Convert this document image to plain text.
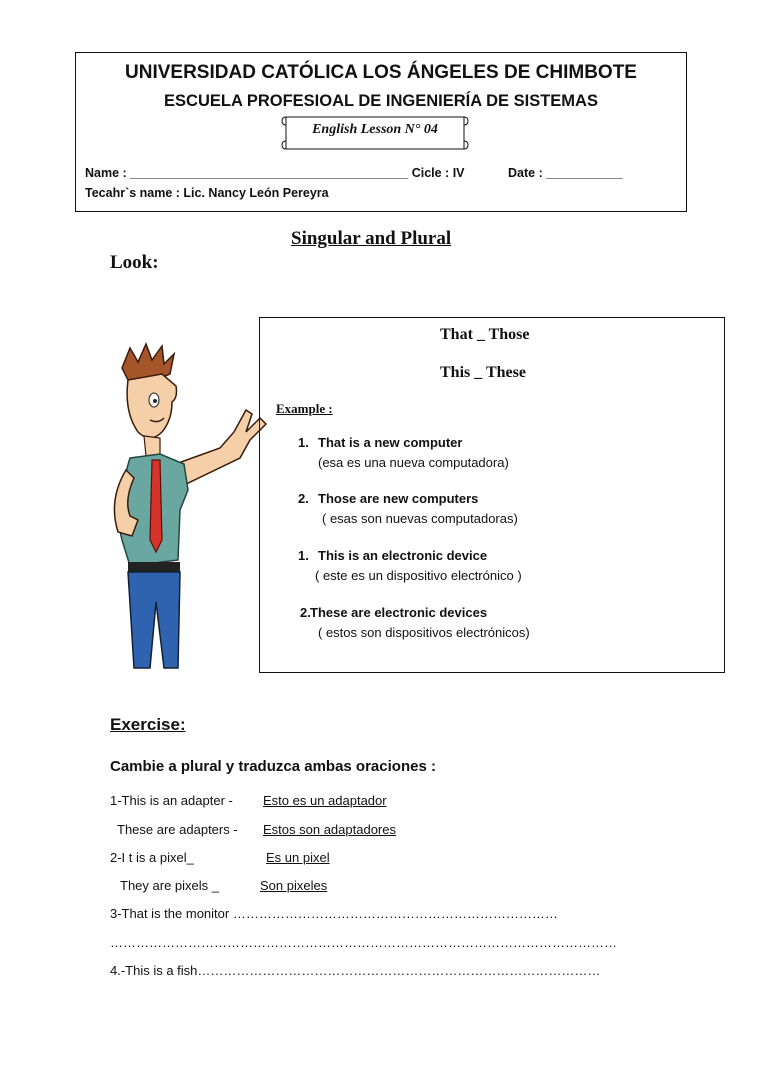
UNIVERSIDAD CATÓLICA LOS ÁNGELES DE CHIMBOTE
ESCUELA PROFESIOAL DE INGENIERÍA DE SISTEMAS
English Lesson N° 04
Name : ________________________________________ Cicle : IV	Date : ___________
Tecahr`s name : Lic. Nancy León Pereyra
Singular and Plural
Look:
That _ Those
This _ These
Example :
1. That is a new computer
(esa es una nueva computadora)
2. Those are new computers
( esas son nuevas computadoras)
1. This is an electronic device
( este es un dispositivo electrónico )
2. These are electronic devices
( estos son dispositivos electrónicos)
Exercise:
Cambie a plural y traduzca ambas oraciones :
1-This is an adapter - Esto es un adaptador
These are adapters - Estos son adaptadores
2-I t is a pixel_	Es un pixel
They are pixels _	Son pixeles
3-That is the monitor …………………………………………………………………
………………………………………………………………………………………………………
4.-This is a fish…………………………………………………………………………………
